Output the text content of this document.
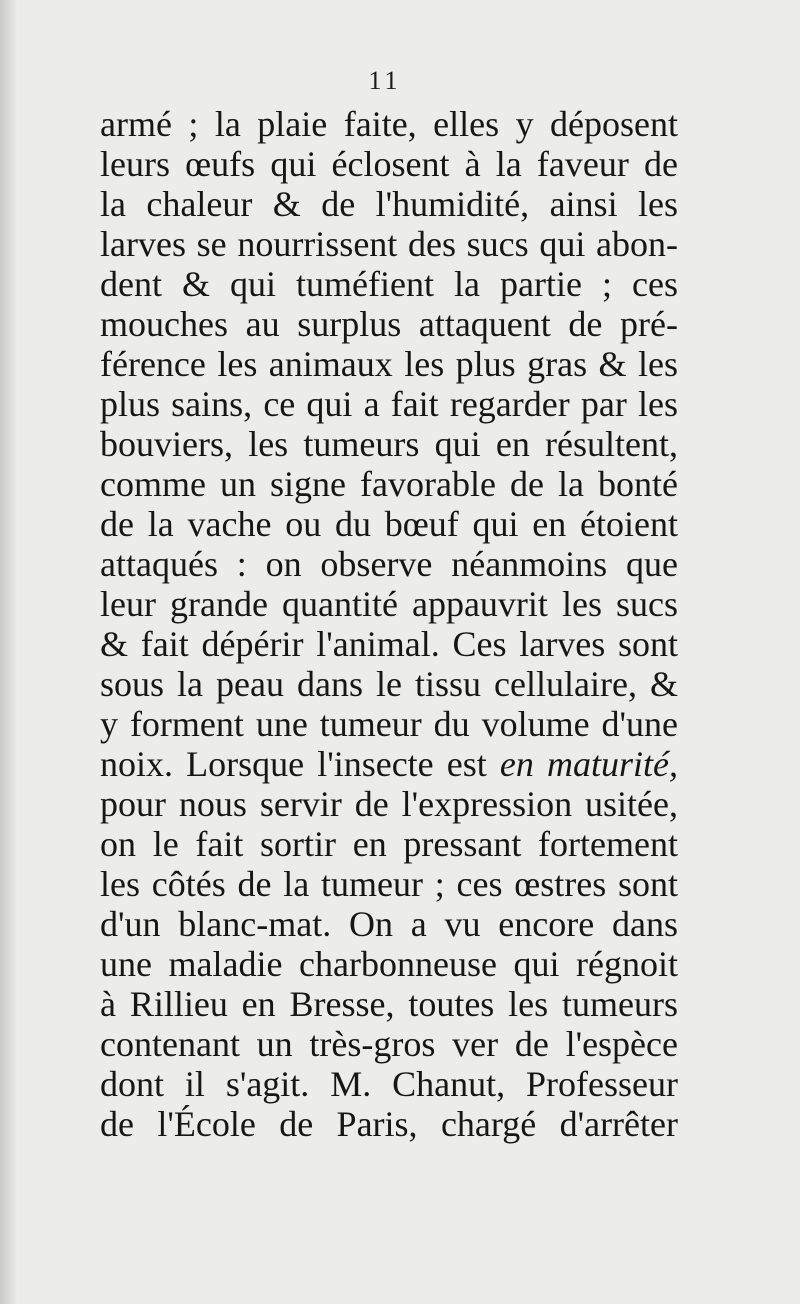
11
armé ; la plaie faite, elles y déposent
leurs œufs qui éclosent à la faveur de
la chaleur & de l'humidité, ainsi les
larves se nourrissent des sucs qui abon-
dent & qui tuméfient la partie ; ces
mouches au surplus attaquent de pré-
férence les animaux les plus gras & les
plus sains, ce qui a fait regarder par les
bouviers, les tumeurs qui en résultent,
comme un signe favorable de la bonté
de la vache ou du bœuf qui en étoient
attaqués : on observe néanmoins que
leur grande quantité appauvrit les sucs
& fait dépérir l'animal. Ces larves sont
sous la peau dans le tissu cellulaire, &
y forment une tumeur du volume d'une
noix. Lorsque l'insecte est en maturité,
pour nous servir de l'expression usitée,
on le fait sortir en pressant fortement
les côtés de la tumeur ; ces œstres sont
d'un blanc-mat. On a vu encore dans
une maladie charbonneuse qui régnoit
à Rillieu en Bresse, toutes les tumeurs
contenant un très-gros ver de l'espèce
dont il s'agit. M. Chanut, Professeur
de l'École de Paris, chargé d'arrêter
